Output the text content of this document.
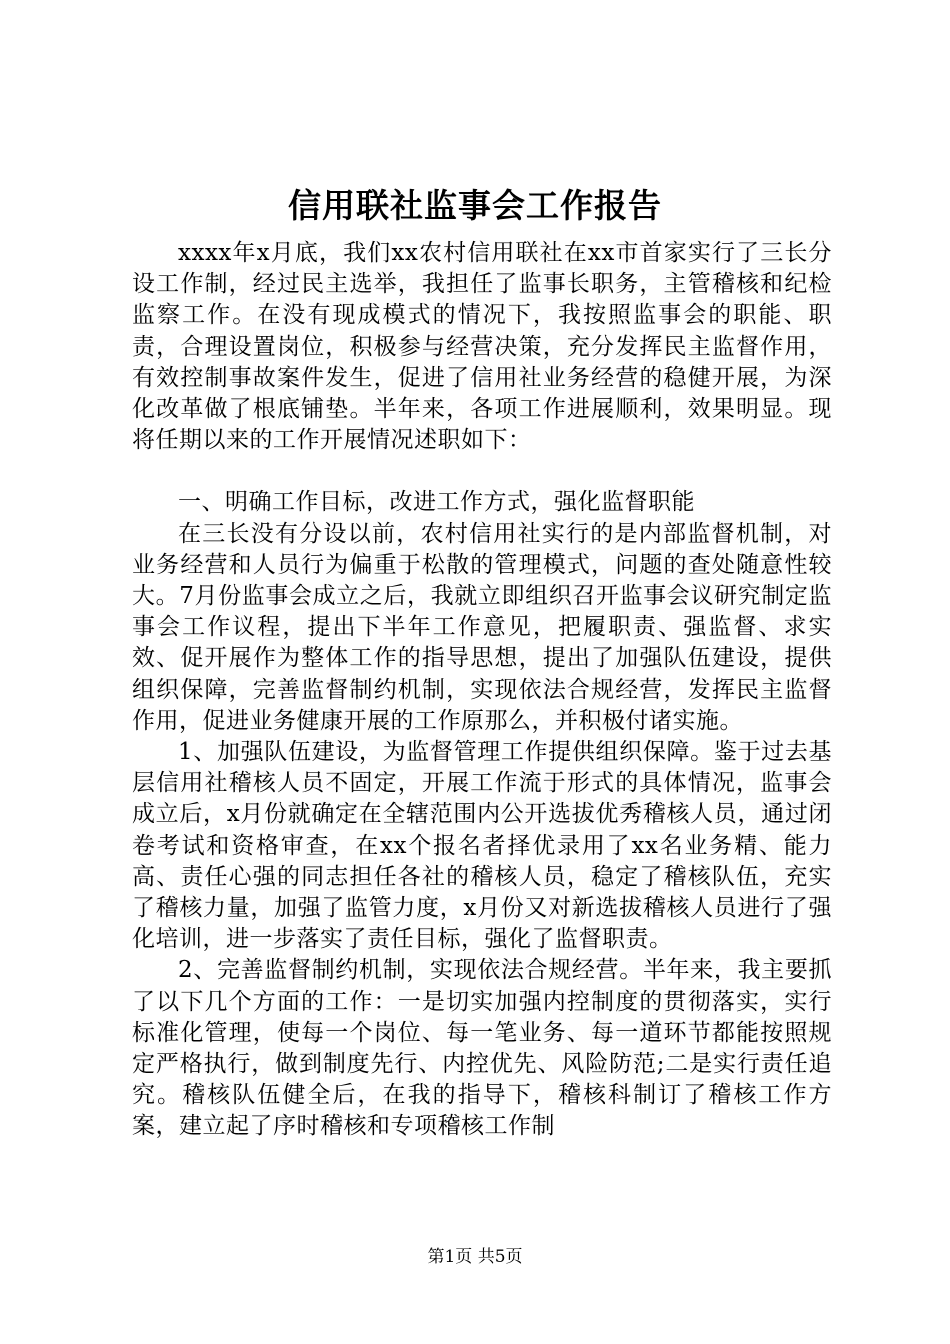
信用联社监事会工作报告

xxxx年x月底，我们xx农村信用联社在xx市首家实行了三长分设工作制，经过民主选举，我担任了监事长职务，主管稽核和纪检监察工作。在没有现成模式的情况下，我按照监事会的职能、职责，合理设置岗位，积极参与经营决策，充分发挥民主监督作用，有效控制事故案件发生，促进了信用社业务经营的稳健开展，为深化改革做了根底铺垫。半年来，各项工作进展顺利，效果明显。现将任期以来的工作开展情况述职如下：

一、明确工作目标，改进工作方式，强化监督职能

在三长没有分设以前，农村信用社实行的是内部监督机制，对业务经营和人员行为偏重于松散的管理模式，问题的查处随意性较大。7月份监事会成立之后，我就立即组织召开监事会议研究制定监事会工作议程，提出下半年工作意见，把履职责、强监督、求实效、促开展作为整体工作的指导思想，提出了加强队伍建设，提供组织保障，完善监督制约机制，实现依法合规经营，发挥民主监督作用，促进业务健康开展的工作原那么，并积极付诸实施。

1、加强队伍建设，为监督管理工作提供组织保障。鉴于过去基层信用社稽核人员不固定，开展工作流于形式的具体情况，监事会成立后，x月份就确定在全辖范围内公开选拔优秀稽核人员，通过闭卷考试和资格审查，在xx个报名者择优录用了xx名业务精、能力高、责任心强的同志担任各社的稽核人员，稳定了稽核队伍，充实了稽核力量，加强了监管力度，x月份又对新选拔稽核人员进行了强化培训，进一步落实了责任目标，强化了监督职责。

2、完善监督制约机制，实现依法合规经营。半年来，我主要抓了以下几个方面的工作：一是切实加强内控制度的贯彻落实，实行标准化管理，使每一个岗位、每一笔业务、每一道环节都能按照规定严格执行，做到制度先行、内控优先、风险防范;二是实行责任追究。稽核队伍健全后，在我的指导下，稽核科制订了稽核工作方案，建立起了序时稽核和专项稽核工作制

第1页 共5页
